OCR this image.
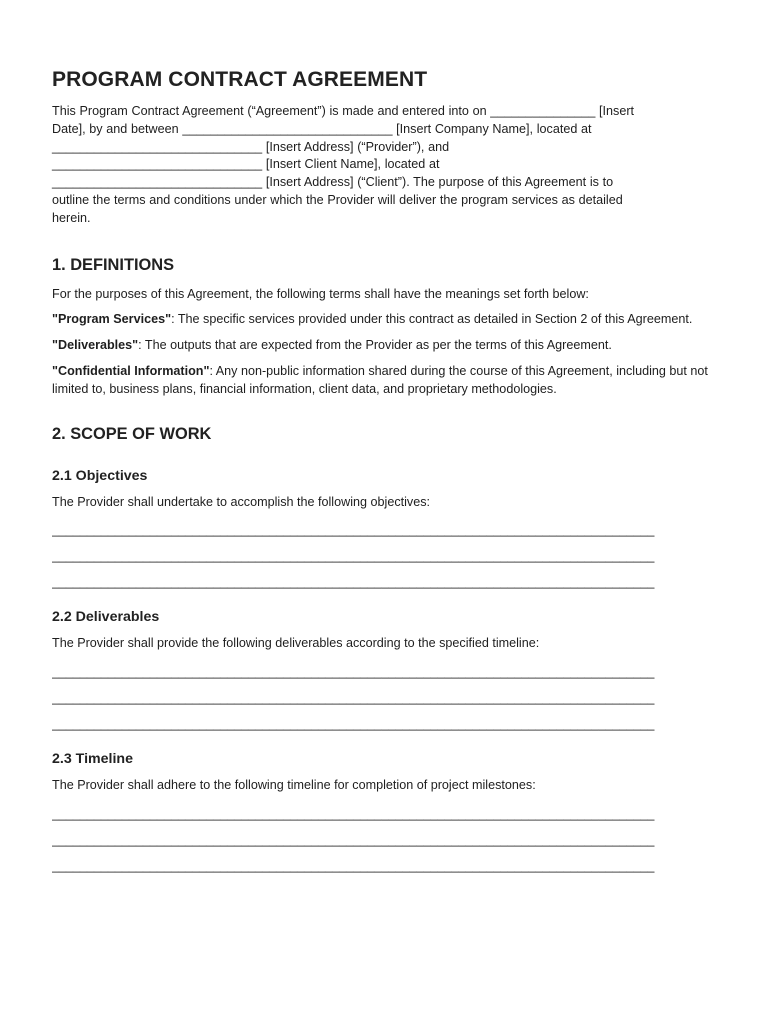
PROGRAM CONTRACT AGREEMENT

This Program Contract Agreement (“Agreement”) is made and entered into on _______________ [Insert
Date], by and between ______________________________ [Insert Company Name], located at
______________________________ [Insert Address] (“Provider”), and
______________________________ [Insert Client Name], located at
______________________________ [Insert Address] (“Client”). The purpose of this Agreement is to
outline the terms and conditions under which the Provider will deliver the program services as detailed
herein.

1. DEFINITIONS

For the purposes of this Agreement, the following terms shall have the meanings set forth below:

"Program Services": The specific services provided under this contract as detailed in Section 2 of this Agreement.

"Deliverables": The outputs that are expected from the Provider as per the terms of this Agreement.

"Confidential Information": Any non-public information shared during the course of this Agreement, including but not limited to, business plans, financial information, client data, and proprietary methodologies.

2. SCOPE OF WORK
2.1 Objectives

The Provider shall undertake to accomplish the following objectives:

______________________________________________________________________________________
______________________________________________________________________________________
______________________________________________________________________________________
2.2 Deliverables

The Provider shall provide the following deliverables according to the specified timeline:

______________________________________________________________________________________
______________________________________________________________________________________
______________________________________________________________________________________
2.3 Timeline

The Provider shall adhere to the following timeline for completion of project milestones:

______________________________________________________________________________________
______________________________________________________________________________________
______________________________________________________________________________________
